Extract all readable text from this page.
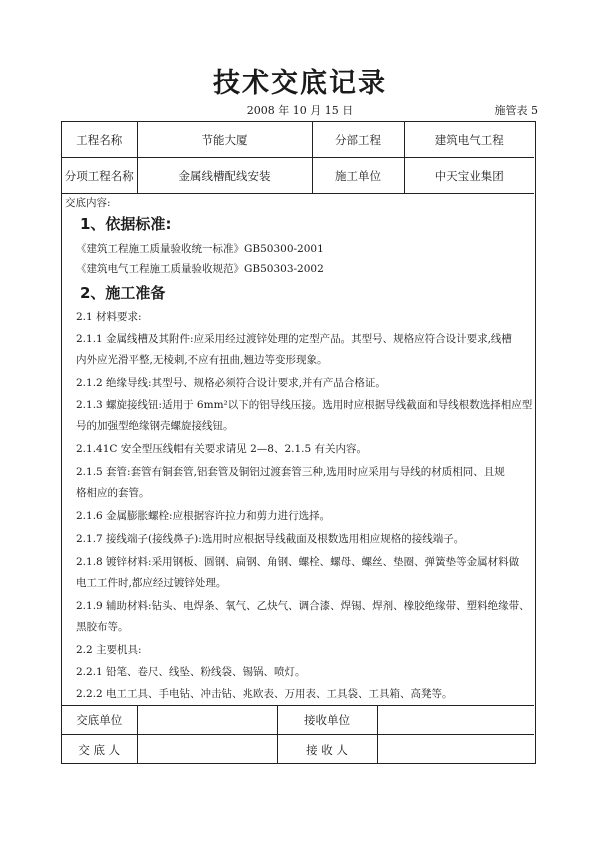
技术交底记录
2008 年 10 月 15 日	施管表 5
工程名称	节能大厦	分部工程	建筑电气工程
分项工程名称	金属线槽配线安装	施工单位	中天宝业集团
交底内容:
1、依据标准:
《建筑工程施工质量验收统一标准》GB50300-2001
《建筑电气工程施工质量验收规范》GB50303-2002
2、施工准备
2.1 材料要求:
2.1.1 金属线槽及其附件:应采用经过渡锌处理的定型产品。其型号、规格应符合设计要求,线槽
内外应光滑平整,无棱刺,不应有扭曲,翘边等变形现象。
2.1.2 绝缘导线:其型号、规格必须符合设计要求,并有产品合格证。
2.1.3 螺旋接线钮:适用于 6mm²以下的铝导线压接。选用时应根据导线截面和导线根数选择相应型
号的加强型绝缘钢壳螺旋接线钮。
2.1.41C 安全型压线帽有关要求请见 2—8、2.1.5 有关内容。
2.1.5 套管:套管有铜套管,铝套管及铜铝过渡套管三种,选用时应采用与导线的材质相同、且规
格相应的套管。
2.1.6 金属膨胀螺栓:应根据容许拉力和剪力进行选择。
2.1.7 接线端子(接线鼻子):选用时应根据导线截面及根数选用相应规格的接线端子。
2.1.8 镀锌材料:采用钢板、圆钢、扁钢、角钢、螺栓、螺母、螺丝、垫圈、弹簧垫等金属材料做
电工工件时,都应经过镀锌处理。
2.1.9 辅助材料:钻头、电焊条、氧气、乙炔气、调合漆、焊锡、焊剂、橡胶绝缘带、塑料绝缘带、
黑胶布等。
2.2 主要机具:
2.2.1 铅笔、卷尺、线坠、粉线袋、锡锅、喷灯。
2.2.2 电工工具、手电钻、冲击钻、兆欧表、万用表、工具袋、工具箱、高凳等。
交底单位		接收单位	
交 底 人		接 收 人	
